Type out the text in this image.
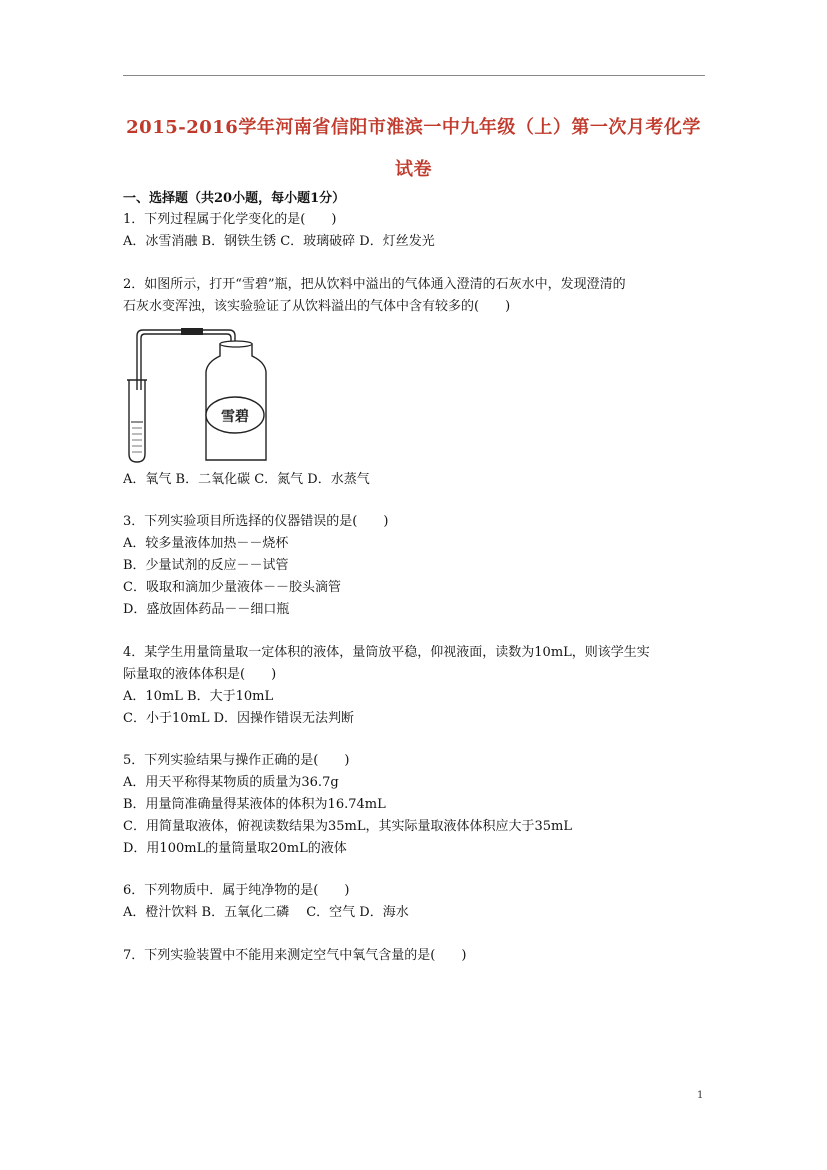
2015-2016学年河南省信阳市淮滨一中九年级（上）第一次月考化学
试卷
一、选择题（共20小题，每小题1分）
1．下列过程属于化学变化的是(　　)
A．冰雪消融 B．钢铁生锈 C．玻璃破碎 D．灯丝发光
2．如图所示，打开“雪碧”瓶，把从饮料中溢出的气体通入澄清的石灰水中，发现澄清的
石灰水变浑浊，该实验验证了从饮料溢出的气体中含有较多的(　　)
雪碧
A．氧气 B．二氧化碳 C．氮气 D．水蒸气
3．下列实验项目所选择的仪器错误的是(　　)
A．较多量液体加热－－烧杯
B．少量试剂的反应－－试管
C．吸取和滴加少量液体－－胶头滴管
D．盛放固体药品－－细口瓶
4．某学生用量筒量取一定体积的液体，量筒放平稳，仰视液面，读数为10mL，则该学生实
际量取的液体体积是(　　)
A．10mL B．大于10mL
C．小于10mL D．因操作错误无法判断
5．下列实验结果与操作正确的是(　　)
A．用天平称得某物质的质量为36.7g
B．用量筒准确量得某液体的体积为16.74mL
C．用简量取液体，俯视读数结果为35mL，其实际量取液体体积应大于35mL
D．用100mL的量筒量取20mL的液体
6．下列物质中．属于纯净物的是(　　)
A．橙汁饮料 B．五氧化二磷　 C．空气 D．海水
7．下列实验装置中不能用来测定空气中氧气含量的是(　　)
1
